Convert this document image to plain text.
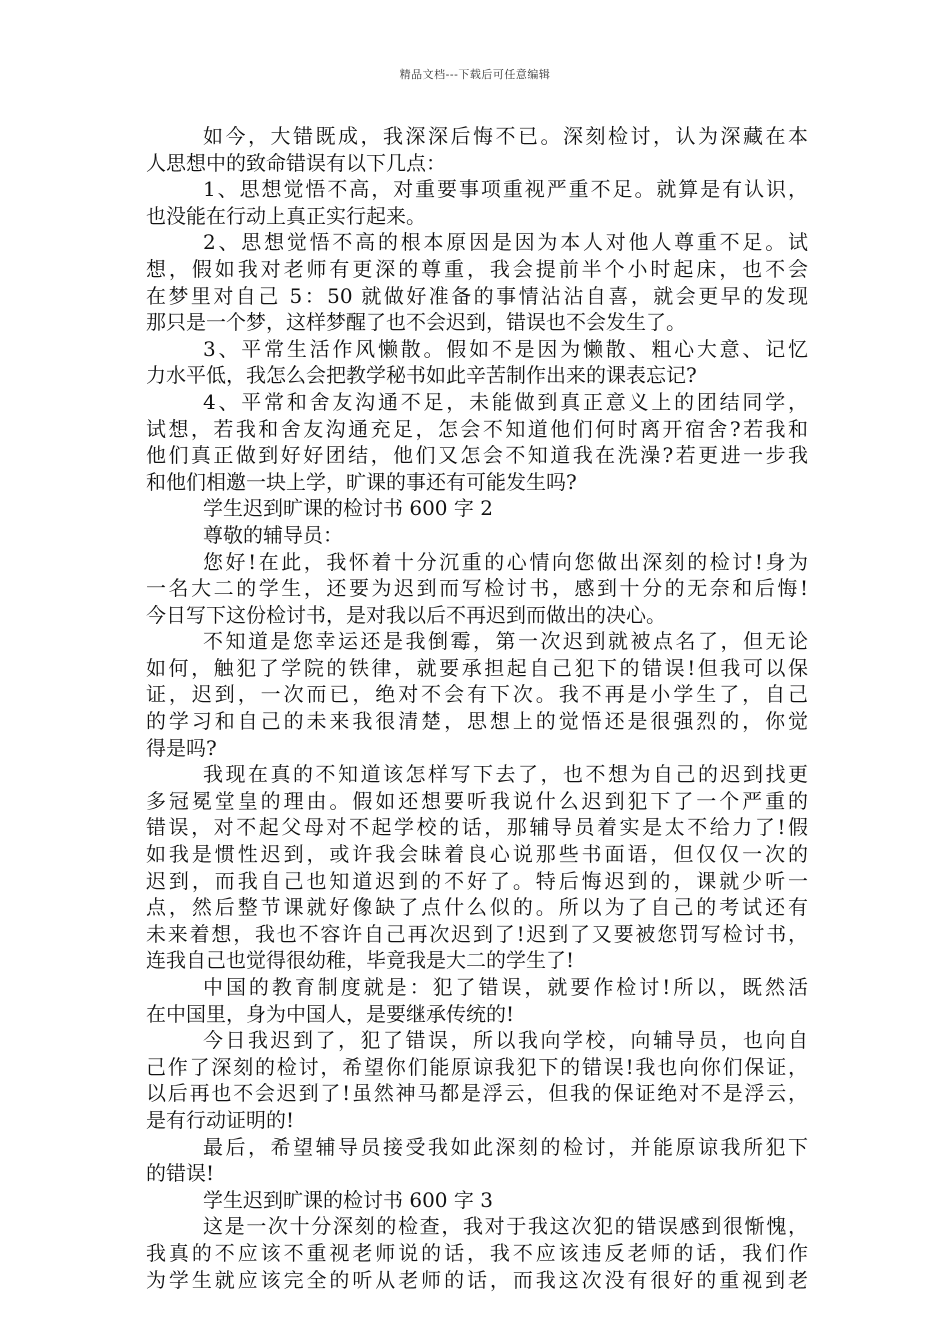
精品文档---下载后可任意编辑
如今，大错既成，我深深后悔不已。深刻检讨，认为深藏在本
人思想中的致命错误有以下几点：
1、思想觉悟不高，对重要事项重视严重不足。就算是有认识，
也没能在行动上真正实行起来。
2、思想觉悟不高的根本原因是因为本人对他人尊重不足。试
想，假如我对老师有更深的尊重，我会提前半个小时起床，也不会
在梦里对自己 5：50 就做好准备的事情沾沾自喜，就会更早的发现
那只是一个梦，这样梦醒了也不会迟到，错误也不会发生了。
3、平常生活作风懒散。假如不是因为懒散、粗心大意、记忆
力水平低，我怎么会把教学秘书如此辛苦制作出来的课表忘记?
4、平常和舍友沟通不足，未能做到真正意义上的团结同学，
试想，若我和舍友沟通充足，怎会不知道他们何时离开宿舍?若我和
他们真正做到好好团结，他们又怎会不知道我在洗澡?若更进一步我
和他们相邀一块上学，旷课的事还有可能发生吗?
学生迟到旷课的检讨书 600 字 2
尊敬的辅导员：
您好!在此，我怀着十分沉重的心情向您做出深刻的检讨!身为
一名大二的学生，还要为迟到而写检讨书，感到十分的无奈和后悔!
今日写下这份检讨书，是对我以后不再迟到而做出的决心。
不知道是您幸运还是我倒霉，第一次迟到就被点名了，但无论
如何，触犯了学院的铁律，就要承担起自己犯下的错误!但我可以保
证，迟到，一次而已，绝对不会有下次。我不再是小学生了，自己
的学习和自己的未来我很清楚，思想上的觉悟还是很强烈的，你觉
得是吗?
我现在真的不知道该怎样写下去了，也不想为自己的迟到找更
多冠冕堂皇的理由。假如还想要听我说什么迟到犯下了一个严重的
错误，对不起父母对不起学校的话，那辅导员着实是太不给力了!假
如我是惯性迟到，或许我会昧着良心说那些书面语，但仅仅一次的
迟到，而我自己也知道迟到的不好了。特后悔迟到的，课就少听一
点，然后整节课就好像缺了点什么似的。所以为了自己的考试还有
未来着想，我也不容许自己再次迟到了!迟到了又要被您罚写检讨书，
连我自己也觉得很幼稚，毕竟我是大二的学生了!
中国的教育制度就是：犯了错误，就要作检讨!所以，既然活
在中国里，身为中国人，是要继承传统的!
今日我迟到了，犯了错误，所以我向学校，向辅导员，也向自
己作了深刻的检讨，希望你们能原谅我犯下的错误!我也向你们保证，
以后再也不会迟到了!虽然神马都是浮云，但我的保证绝对不是浮云，
是有行动证明的!
最后，希望辅导员接受我如此深刻的检讨，并能原谅我所犯下
的错误!
学生迟到旷课的检讨书 600 字 3
这是一次十分深刻的检查，我对于我这次犯的错误感到很惭愧，
我真的不应该不重视老师说的话，我不应该违反老师的话，我们作
为学生就应该完全的听从老师的话，而我这次没有很好的重视到老
